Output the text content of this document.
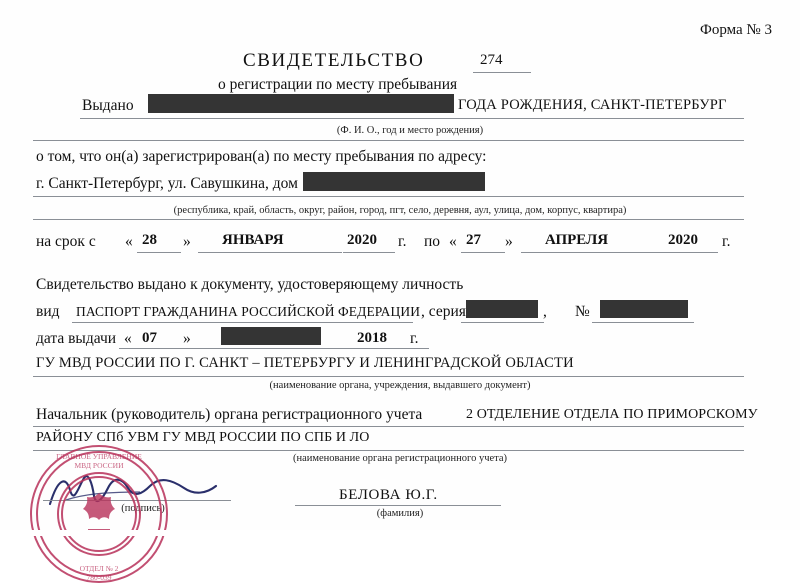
Форма № 3
СВИДЕТЕЛЬСТВО	274
о регистрации по месту пребывания
Выдано	ГОДА РОЖДЕНИЯ, САНКТ-ПЕТЕРБУРГ
(Ф. И. О., год и место рождения)
о том, что он(а) зарегистрирован(а) по месту пребывания по адресу:
г. Санкт-Петербург, ул. Савушкина, дом
(республика, край, область, округ, район, город, пгт, село, деревня, аул, улица, дом, корпус, квартира)
на срок с « 28 » ЯНВАРЯ	2020 г. по « 27 » АПРЕЛЯ	2020 г.
Свидетельство выдано к документу, удостоверяющему личность
вид ПАСПОРТ ГРАЖДАНИНА РОССИЙСКОЙ ФЕДЕРАЦИИ , серия	, №
дата выдачи « 07 »	2018 г.
ГУ МВД РОССИИ ПО Г. САНКТ – ПЕТЕРБУРГУ И ЛЕНИНГРАДСКОЙ ОБЛАСТИ
(наименование органа, учреждения, выдавшего документ)
Начальник (руководитель) органа регистрационного учета	2 ОТДЕЛЕНИЕ ОТДЕЛА ПО ПРИМОРСКОМУ
РАЙОНУ СПб УВМ ГУ МВД РОССИИ ПО СПБ И ЛО
(наименование органа регистрационного учета)
(подпись)
БЕЛОВА Ю.Г.
(фамилия)
ГЛАВНОЕ УПРАВЛЕНИЕ
МВД РОССИИ
ОТДЕЛ № 2
780-039
